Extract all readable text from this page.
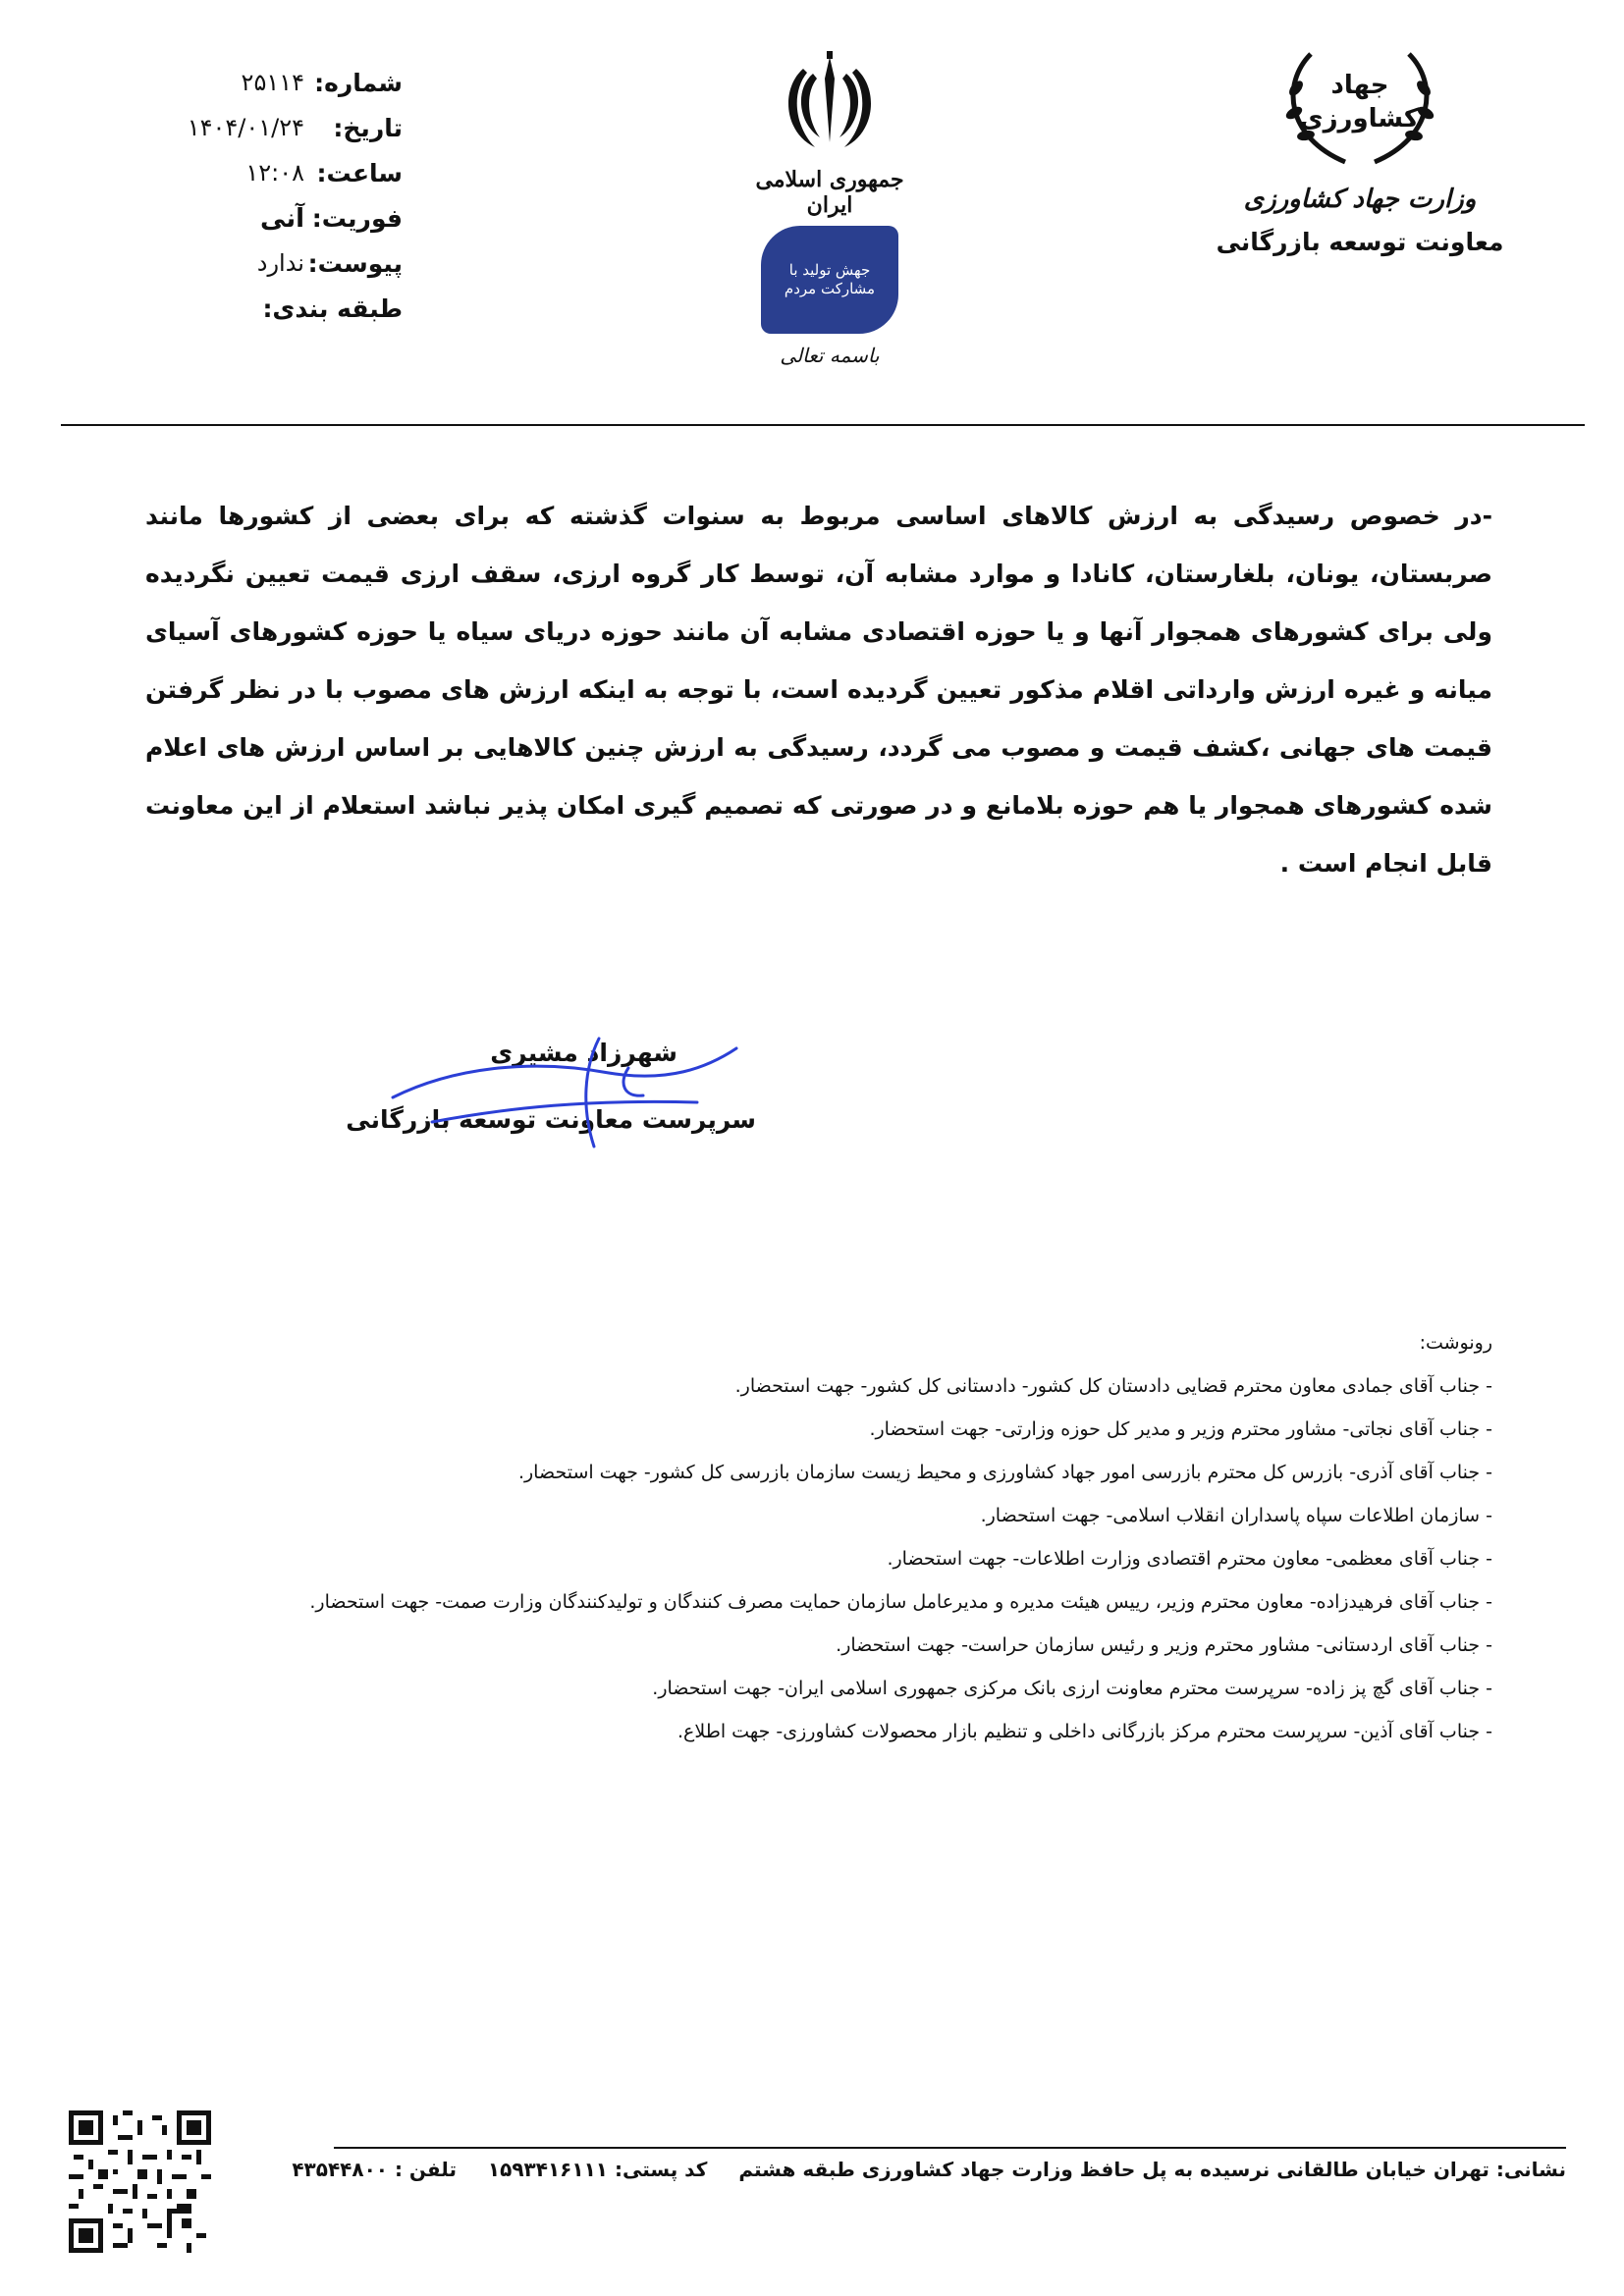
شماره:
۲۵۱۱۴
تاریخ:
۱۴۰۴/۰۱/۲۴
ساعت:
۱۲:۰۸
فوریت:
آنی
پیوست:
ندارد
طبقه بندی:
جمهوری اسلامی ایران
جهش تولید با مشارکت مردم
باسمه تعالی
جهاد کشاورزی
وزارت جهاد کشاورزی
معاونت توسعه بازرگانی
-در خصوص رسیدگی به ارزش کالاهای اساسی مربوط به سنوات گذشته که برای بعضی از کشورها مانند صربستان، یونان، بلغارستان، کانادا و موارد مشابه آن، توسط کار گروه ارزی، سقف ارزی قیمت تعیین نگردیده ولی برای کشورهای همجوار آنها و یا حوزه اقتصادی مشابه آن مانند حوزه دریای سیاه یا حوزه کشورهای آسیای میانه و غیره ارزش وارداتی اقلام مذکور تعیین گردیده است، با توجه به اینکه ارزش های مصوب با در نظر گرفتن قیمت های جهانی ،کشف قیمت و مصوب می گردد، رسیدگی به ارزش چنین کالاهایی بر اساس ارزش های اعلام شده کشورهای همجوار یا هم حوزه بلامانع و در صورتی که تصمیم گیری امکان پذیر نباشد استعلام از این معاونت قابل انجام است .
شهرزاد مشیری
سرپرست معاونت توسعه بازرگانی
رونوشت:
- جناب آقای جمادی معاون محترم قضایی دادستان کل کشور- دادستانی کل کشور- جهت استحضار.
- جناب آقای نجاتی- مشاور محترم وزیر و مدیر کل حوزه وزارتی- جهت استحضار.
- جناب آقای آذری- بازرس کل محترم بازرسی امور جهاد کشاورزی و محیط زیست سازمان بازرسی کل کشور- جهت استحضار.
- سازمان اطلاعات سپاه پاسداران انقلاب اسلامی- جهت استحضار.
- جناب آقای معظمی- معاون محترم اقتصادی وزارت اطلاعات- جهت استحضار.
- جناب آقای فرهیدزاده- معاون محترم وزیر، رییس هیئت مدیره و مدیرعامل سازمان حمایت مصرف کنندگان و تولیدکنندگان وزارت صمت- جهت استحضار.
- جناب آقای اردستانی- مشاور محترم وزیر و رئیس سازمان حراست- جهت استحضار.
- جناب آقای گچ پز زاده- سرپرست محترم معاونت ارزی بانک مرکزی جمهوری اسلامی ایران- جهت استحضار.
- جناب آقای آذین- سرپرست محترم مرکز بازرگانی داخلی و تنظیم بازار محصولات کشاورزی- جهت اطلاع.
نشانی: تهران خیابان طالقانی نرسیده به پل حافظ وزارت جهاد کشاورزی طبقه هشتم  کد پستی: ۱۵۹۳۴۱۶۱۱۱  تلفن : ۴۳۵۴۴۸۰۰
